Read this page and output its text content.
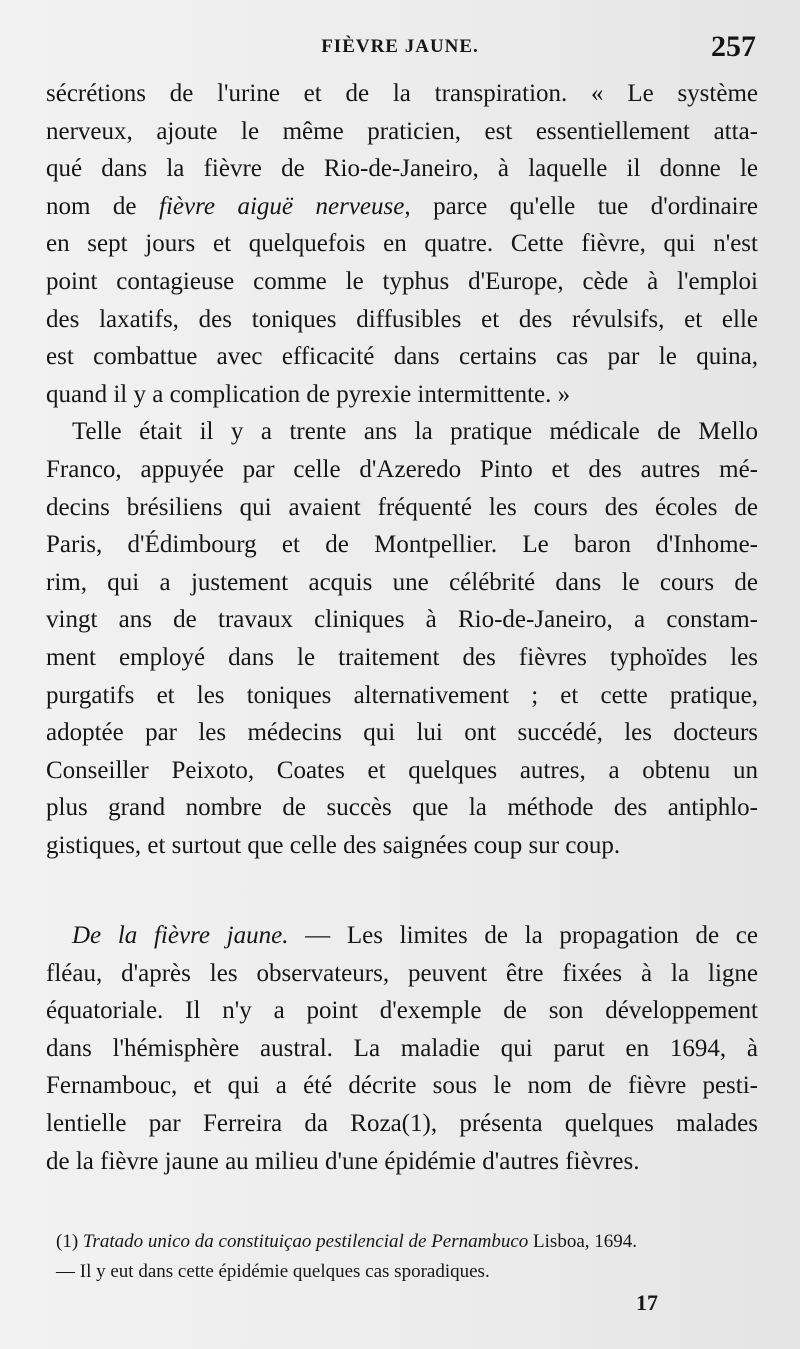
FIÈVRE JAUNE.	257
sécrétions de l'urine et de la transpiration. « Le système
nerveux, ajoute le même praticien, est essentiellement atta-
qué dans la fièvre de Rio-de-Janeiro, à laquelle il donne le
nom de fièvre aiguë nerveuse, parce qu'elle tue d'ordinaire
en sept jours et quelquefois en quatre. Cette fièvre, qui n'est
point contagieuse comme le typhus d'Europe, cède à l'emploi
des laxatifs, des toniques diffusibles et des révulsifs, et elle
est combattue avec efficacité dans certains cas par le quina,
quand il y a complication de pyrexie intermittente. »
Telle était il y a trente ans la pratique médicale de Mello
Franco, appuyée par celle d'Azeredo Pinto et des autres mé-
decins brésiliens qui avaient fréquenté les cours des écoles de
Paris, d'Édimbourg et de Montpellier. Le baron d'Inhome-
rim, qui a justement acquis une célébrité dans le cours de
vingt ans de travaux cliniques à Rio-de-Janeiro, a constam-
ment employé dans le traitement des fièvres typhoïdes les
purgatifs et les toniques alternativement ; et cette pratique,
adoptée par les médecins qui lui ont succédé, les docteurs
Conseiller Peixoto, Coates et quelques autres, a obtenu un
plus grand nombre de succès que la méthode des antiphlo-
gistiques, et surtout que celle des saignées coup sur coup.
De la fièvre jaune. — Les limites de la propagation de ce
fléau, d'après les observateurs, peuvent être fixées à la ligne
équatoriale. Il n'y a point d'exemple de son développement
dans l'hémisphère austral. La maladie qui parut en 1694, à
Fernambouc, et qui a été décrite sous le nom de fièvre pesti-
lentielle par Ferreira da Roza(1), présenta quelques malades
de la fièvre jaune au milieu d'une épidémie d'autres fièvres.
(1) Tratado unico da constituiçao pestilencial de Pernambuco Lisboa, 1694.
— Il y eut dans cette épidémie quelques cas sporadiques.
17
